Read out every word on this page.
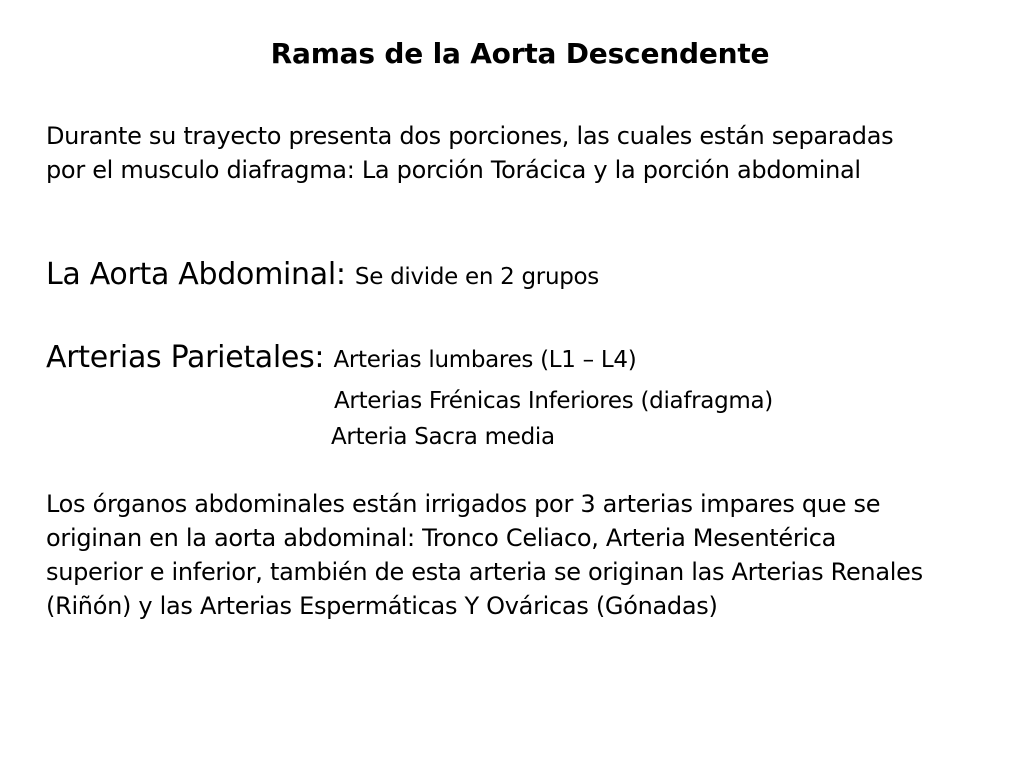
Ramas de la Aorta Descendente
Durante su trayecto presenta dos porciones, las cuales están separadas
por el musculo diafragma: La porción Torácica y la porción abdominal
La Aorta Abdominal: Se divide en 2 grupos
Arterias Parietales: Arterias lumbares (L1 – L4)
Arterias Frénicas Inferiores (diafragma)
Arteria Sacra media
Los órganos abdominales están irrigados por 3 arterias impares que se
originan en la aorta abdominal: Tronco Celiaco, Arteria Mesentérica
superior e inferior, también de esta arteria se originan las Arterias Renales
(Riñón) y las Arterias Espermáticas Y Ováricas (Gónadas)
